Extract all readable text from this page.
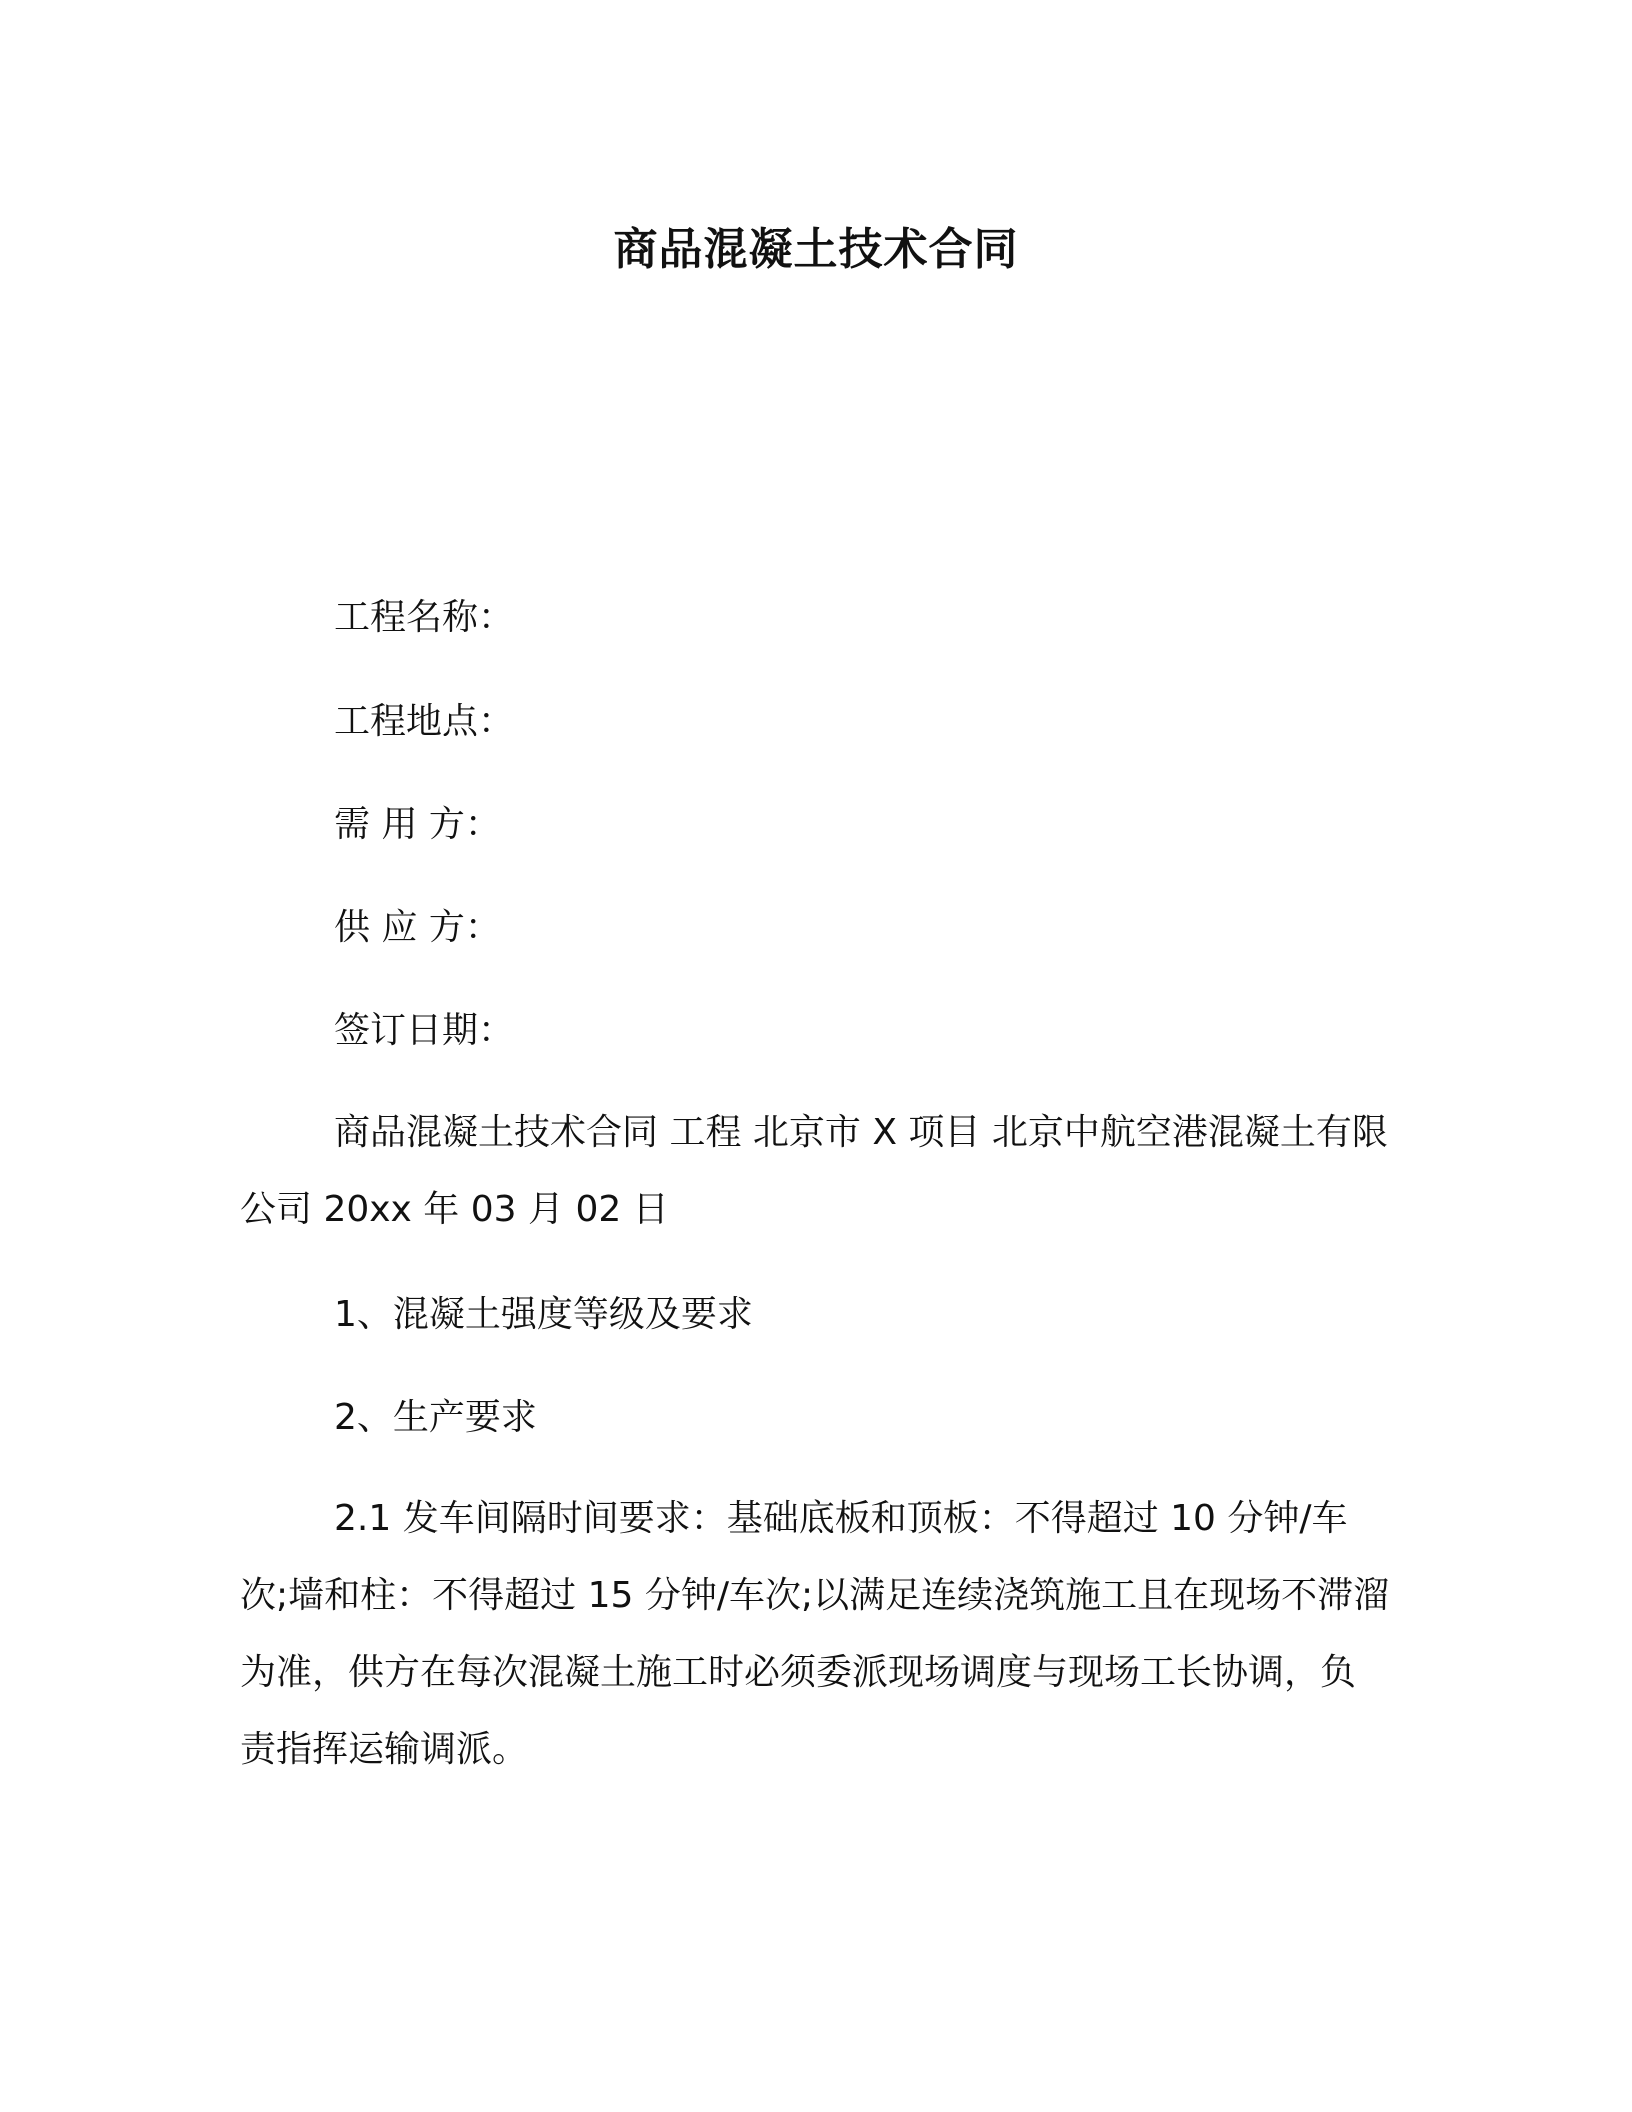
商品混凝土技术合同
工程名称：
工程地点：
需 用 方：
供 应 方：
签订日期：

商品混凝土技术合同 工程 北京市 X 项目 北京中航空港混凝土有限公司 20xx 年 03 月 02 日

1、混凝土强度等级及要求
2、生产要求

2.1 发车间隔时间要求：基础底板和顶板：不得超过 10 分钟/车次;墙和柱：不得超过 15 分钟/车次;以满足连续浇筑施工且在现场不滞溜为准，供方在每次混凝土施工时必须委派现场调度与现场工长协调，负责指挥运输调派。
